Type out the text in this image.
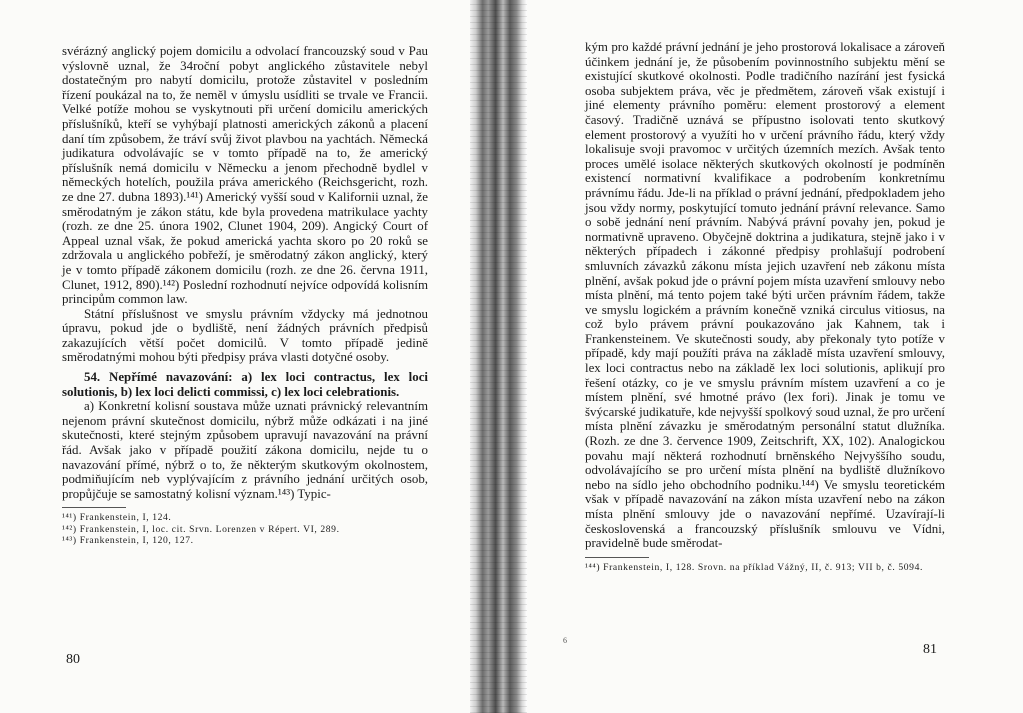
svérázný anglický pojem domicilu a odvolací francouzský soud v Pau výslovně uznal, že 34roční pobyt anglického zůstavitele nebyl dostatečným pro nabytí domicilu, protože zůstavitel v posledním řízení poukázal na to, že neměl v úmyslu usídliti se trvale ve Francii. Velké potíže mohou se vyskytnouti při určení domicilu amerických příslušníků, kteří se vyhýbají platnosti amerických zákonů a placení daní tím způsobem, že tráví svůj život plavbou na yachtách. Německá judikatura odvolávajíc se v tomto případě na to, že americký příslušník nemá domicilu v Německu a jenom přechodně bydlel v německých hotelích, použila práva amerického (Reichsgericht, rozh. ze dne 27. dubna 1893).¹⁴¹) Americký vyšší soud v Kalifornii uznal, že směrodatným je zákon státu, kde byla provedena matrikulace yachty (rozh. ze dne 25. února 1902, Clunet 1904, 209). Angický Court of Appeal uznal však, že pokud americká yachta skoro po 20 roků se zdržovala u anglického pobřeží, je směrodatný zákon anglický, který je v tomto případě zákonem domicilu (rozh. ze dne 26. června 1911, Clunet, 1912, 890).¹⁴²) Poslední rozhodnutí nejvíce odpovídá kolisním principům common law.

Státní příslušnost ve smyslu právním vždycky má jednotnou úpravu, pokud jde o bydliště, není žádných právních předpisů zakazujících větší počet domicilů. V tomto případě jedině směrodatnými mohou býti předpisy práva vlasti dotyčné osoby.

54. Nepřímé navazování: a) lex loci contractus, lex loci solutionis, b) lex loci delicti commissi, c) lex loci celebrationis.

a) Konkretní kolisní soustava může uznati právnický relevantním nejenom právní skutečnost domicilu, nýbrž může odkázati i na jiné skutečnosti, které stejným způsobem upravují navazování na právní řád. Avšak jako v případě použití zákona domicilu, nejde tu o navazování přímé, nýbrž o to, že některým skutkovým okolnostem, podmiňujícím neb vyplývajícím z právního jednání určitých osob, propůjčuje se samostatný kolisní význam.¹⁴³) Typic-

¹⁴¹) Frankenstein, I, 124.

¹⁴²) Frankenstein, I, loc. cit. Srvn. Lorenzen v Répert. VI, 289.

¹⁴³) Frankenstein, I, 120, 127.

80

kým pro každé právní jednání je jeho prostorová lokalisace a zároveň účinkem jednání je, že působením povinnostního subjektu mění se existující skutkové okolnosti. Podle tradičního nazírání jest fysická osoba subjektem práva, věc je předmětem, zároveň však existují i jiné elementy právního poměru: element prostorový a element časový. Tradičně uznává se přípustno isolovati tento skutkový element prostorový a využíti ho v určení právního řádu, který vždy lokalisuje svoji pravomoc v určitých územních mezích. Avšak tento proces umělé isolace některých skutkových okolností je podmíněn existencí normativní kvalifikace a podrobením konkretnímu právnímu řádu. Jde-li na příklad o právní jednání, předpokladem jeho jsou vždy normy, poskytující tomuto jednání právní relevance. Samo o sobě jednání není právním. Nabývá právní povahy jen, pokud je normativně upraveno. Obyčejně doktrina a judikatura, stejně jako i v některých případech i zákonné předpisy prohlašují podrobení smluvních závazků zákonu místa jejich uzavření neb zákonu místa plnění, avšak pokud jde o právní pojem místa uzavření smlouvy nebo místa plnění, má tento pojem také býti určen právním řádem, takže ve smyslu logickém a právním konečně vzniká circulus vitiosus, na což bylo právem právní poukazováno jak Kahnem, tak i Frankensteinem. Ve skutečnosti soudy, aby překonaly tyto potíže v případě, kdy mají použíti práva na základě místa uzavření smlouvy, lex loci contractus nebo na základě lex loci solutionis, aplikují pro řešení otázky, co je ve smyslu právním místem uzavření a co je místem plnění, své hmotné právo (lex fori). Jinak je tomu ve švýcarské judikatuře, kde nejvyšší spolkový soud uznal, že pro určení místa plnění závazku je směrodatným personální statut dlužníka. (Rozh. ze dne 3. července 1909, Zeitschrift, XX, 102). Analogickou povahu mají některá rozhodnutí brněnského Nejvyššího soudu, odvolávajícího se pro určení místa plnění na bydliště dlužníkovo nebo na sídlo jeho obchodního podniku.¹⁴⁴) Ve smyslu teoretickém však v případě navazování na zákon místa uzavření nebo na zákon místa plnění smlouvy jde o navazování nepřímé. Uzavírají-li československá a francouzský příslušník smlouvu ve Vídni, pravidelně bude směrodat-

¹⁴⁴) Frankenstein, I, 128. Srovn. na příklad Vážný, II, č. 913; VII b, č. 5094.

6
81
